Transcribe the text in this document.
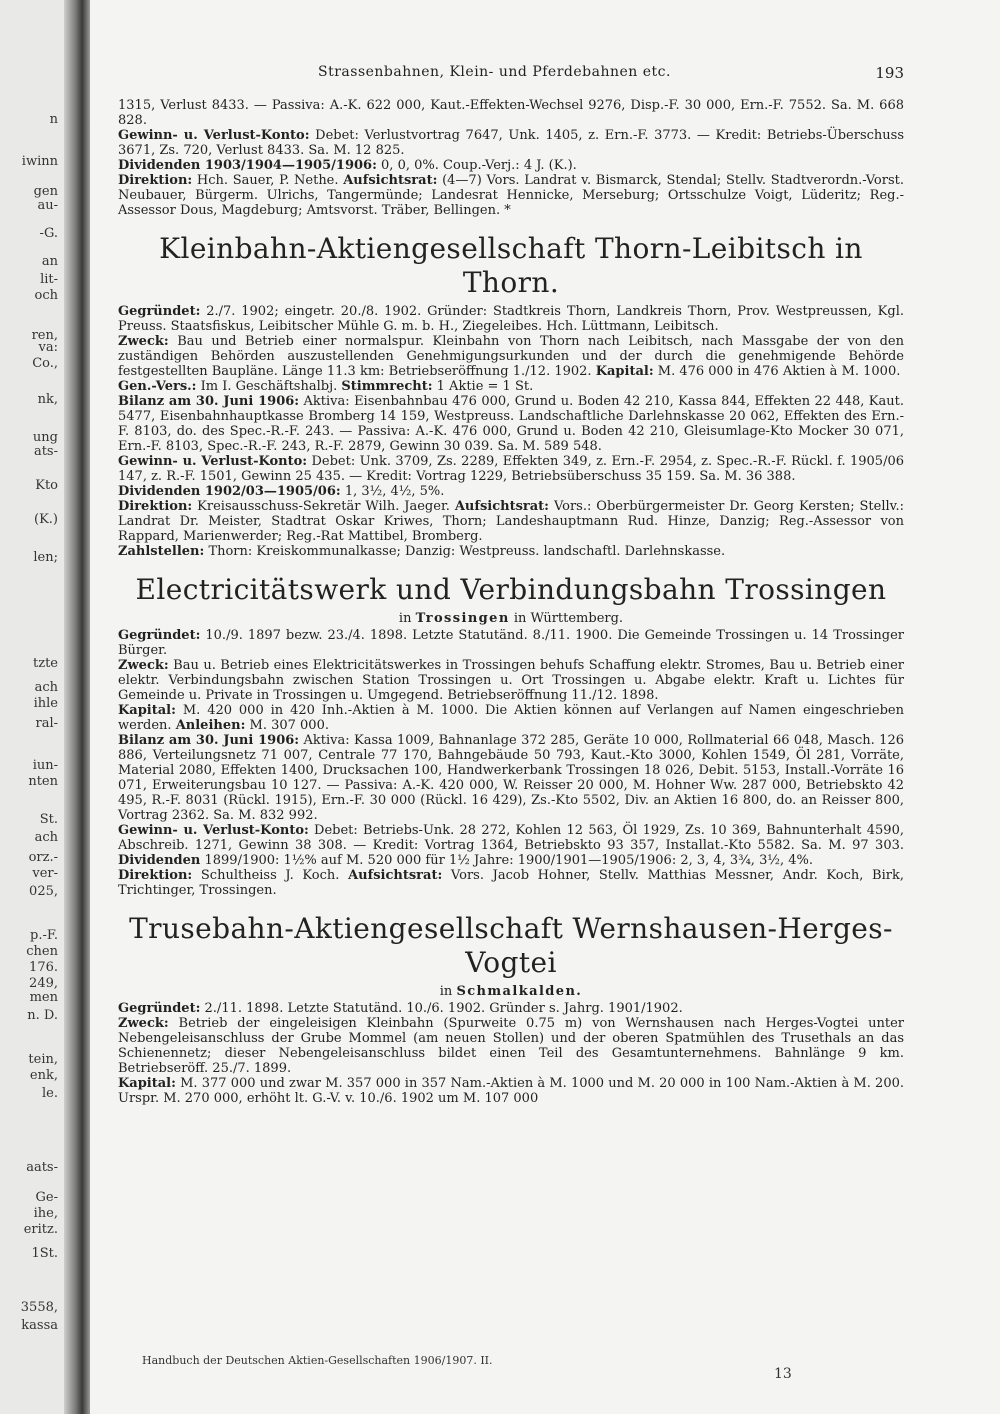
n
iwinn
gen
au-
-G.
an
lit-
och
ren,
va:
Co.,
nk,
ung
ats-
Kto
(K.)
len;
tzte
ach
ihle
ral-
iun-
nten
St.
ach
orz.-
ver-
025,
p.-F.
chen
176.
249,
men
n. D.
tein,
enk,
le.
aats-
Ge-
ihe,
eritz.
1St.
3558,
kassa
Strassenbahnen, Klein- und Pferdebahnen etc.	193

1315, Verlust 8433. — Passiva: A.-K. 622 000, Kaut.-Effekten-Wechsel 9276, Disp.-F. 30 000, Ern.-F. 7552. Sa. M. 668 828.

Gewinn- u. Verlust-Konto: Debet: Verlustvortrag 7647, Unk. 1405, z. Ern.-F. 3773. — Kredit: Betriebs-Überschuss 3671, Zs. 720, Verlust 8433. Sa. M. 12 825.

Dividenden 1903/1904—1905/1906: 0, 0, 0%. Coup.-Verj.: 4 J. (K.).

Direktion: Hch. Sauer, P. Nethe. Aufsichtsrat: (4—7) Vors. Landrat v. Bismarck, Stendal; Stellv. Stadtverordn.-Vorst. Neubauer, Bürgerm. Ulrichs, Tangermünde; Landesrat Hennicke, Merseburg; Ortsschulze Voigt, Lüderitz; Reg.-Assessor Dous, Magdeburg; Amtsvorst. Träber, Bellingen. *

Kleinbahn-Aktiengesellschaft Thorn-Leibitsch in Thorn.

Gegründet: 2./7. 1902; eingetr. 20./8. 1902. Gründer: Stadtkreis Thorn, Landkreis Thorn, Prov. Westpreussen, Kgl. Preuss. Staatsfiskus, Leibitscher Mühle G. m. b. H., Ziegeleibes. Hch. Lüttmann, Leibitsch.

Zweck: Bau und Betrieb einer normalspur. Kleinbahn von Thorn nach Leibitsch, nach Massgabe der von den zuständigen Behörden auszustellenden Genehmigungsurkunden und der durch die genehmigende Behörde festgestellten Baupläne. Länge 11.3 km: Betriebseröffnung 1./12. 1902. Kapital: M. 476 000 in 476 Aktien à M. 1000.

Gen.-Vers.: Im I. Geschäftshalbj. Stimmrecht: 1 Aktie = 1 St.

Bilanz am 30. Juni 1906: Aktiva: Eisenbahnbau 476 000, Grund u. Boden 42 210, Kassa 844, Effekten 22 448, Kaut. 5477, Eisenbahnhauptkasse Bromberg 14 159, Westpreuss. Landschaftliche Darlehnskasse 20 062, Effekten des Ern.-F. 8103, do. des Spec.-R.-F. 243. — Passiva: A.-K. 476 000, Grund u. Boden 42 210, Gleisumlage-Kto Mocker 30 071, Ern.-F. 8103, Spec.-R.-F. 243, R.-F. 2879, Gewinn 30 039. Sa. M. 589 548.

Gewinn- u. Verlust-Konto: Debet: Unk. 3709, Zs. 2289, Effekten 349, z. Ern.-F. 2954, z. Spec.-R.-F. Rückl. f. 1905/06 147, z. R.-F. 1501, Gewinn 25 435. — Kredit: Vortrag 1229, Betriebsüberschuss 35 159. Sa. M. 36 388.

Dividenden 1902/03—1905/06: 1, 3½, 4½, 5%.

Direktion: Kreisausschuss-Sekretär Wilh. Jaeger. Aufsichtsrat: Vors.: Oberbürgermeister Dr. Georg Kersten; Stellv.: Landrat Dr. Meister, Stadtrat Oskar Kriwes, Thorn; Landeshauptmann Rud. Hinze, Danzig; Reg.-Assessor von Rappard, Marienwerder; Reg.-Rat Mattibel, Bromberg.

Zahlstellen: Thorn: Kreiskommunalkasse; Danzig: Westpreuss. landschaftl. Darlehnskasse.

Electricitätswerk und Verbindungsbahn Trossingen
in Trossingen in Württemberg.

Gegründet: 10./9. 1897 bezw. 23./4. 1898. Letzte Statutänd. 8./11. 1900. Die Gemeinde Trossingen u. 14 Trossinger Bürger.

Zweck: Bau u. Betrieb eines Elektricitätswerkes in Trossingen behufs Schaffung elektr. Stromes, Bau u. Betrieb einer elektr. Verbindungsbahn zwischen Station Trossingen u. Ort Trossingen u. Abgabe elektr. Kraft u. Lichtes für Gemeinde u. Private in Trossingen u. Umgegend. Betriebseröffnung 11./12. 1898.

Kapital: M. 420 000 in 420 Inh.-Aktien à M. 1000. Die Aktien können auf Verlangen auf Namen eingeschrieben werden. Anleihen: M. 307 000.

Bilanz am 30. Juni 1906: Aktiva: Kassa 1009, Bahnanlage 372 285, Geräte 10 000, Rollmaterial 66 048, Masch. 126 886, Verteilungsnetz 71 007, Centrale 77 170, Bahngebäude 50 793, Kaut.-Kto 3000, Kohlen 1549, Öl 281, Vorräte, Material 2080, Effekten 1400, Drucksachen 100, Handwerkerbank Trossingen 18 026, Debit. 5153, Install.-Vorräte 16 071, Erweiterungsbau 10 127. — Passiva: A.-K. 420 000, W. Reisser 20 000, M. Hohner Ww. 287 000, Betriebskto 42 495, R.-F. 8031 (Rückl. 1915), Ern.-F. 30 000 (Rückl. 16 429), Zs.-Kto 5502, Div. an Aktien 16 800, do. an Reisser 800, Vortrag 2362. Sa. M. 832 992.

Gewinn- u. Verlust-Konto: Debet: Betriebs-Unk. 28 272, Kohlen 12 563, Öl 1929, Zs. 10 369, Bahnunterhalt 4590, Abschreib. 1271, Gewinn 38 308. — Kredit: Vortrag 1364, Betriebskto 93 357, Installat.-Kto 5582. Sa. M. 97 303. Dividenden 1899/1900: 1½% auf M. 520 000 für 1½ Jahre: 1900/1901—1905/1906: 2, 3, 4, 3¾, 3½, 4%.

Direktion: Schultheiss J. Koch. Aufsichtsrat: Vors. Jacob Hohner, Stellv. Matthias Messner, Andr. Koch, Birk, Trichtinger, Trossingen.

Trusebahn-Aktiengesellschaft Wernshausen-Herges-Vogtei
in Schmalkalden.

Gegründet: 2./11. 1898. Letzte Statutänd. 10./6. 1902. Gründer s. Jahrg. 1901/1902.

Zweck: Betrieb der eingeleisigen Kleinbahn (Spurweite 0.75 m) von Wernshausen nach Herges-Vogtei unter Nebengeleisanschluss der Grube Mommel (am neuen Stollen) und der oberen Spatmühlen des Trusethals an das Schienennetz; dieser Nebengeleisanschluss bildet einen Teil des Gesamtunternehmens. Bahnlänge 9 km. Betriebseröff. 25./7. 1899.

Kapital: M. 377 000 und zwar M. 357 000 in 357 Nam.-Aktien à M. 1000 und M. 20 000 in 100 Nam.-Aktien à M. 200. Urspr. M. 270 000, erhöht lt. G.-V. v. 10./6. 1902 um M. 107 000

Handbuch der Deutschen Aktien-Gesellschaften 1906/1907. II.
13
